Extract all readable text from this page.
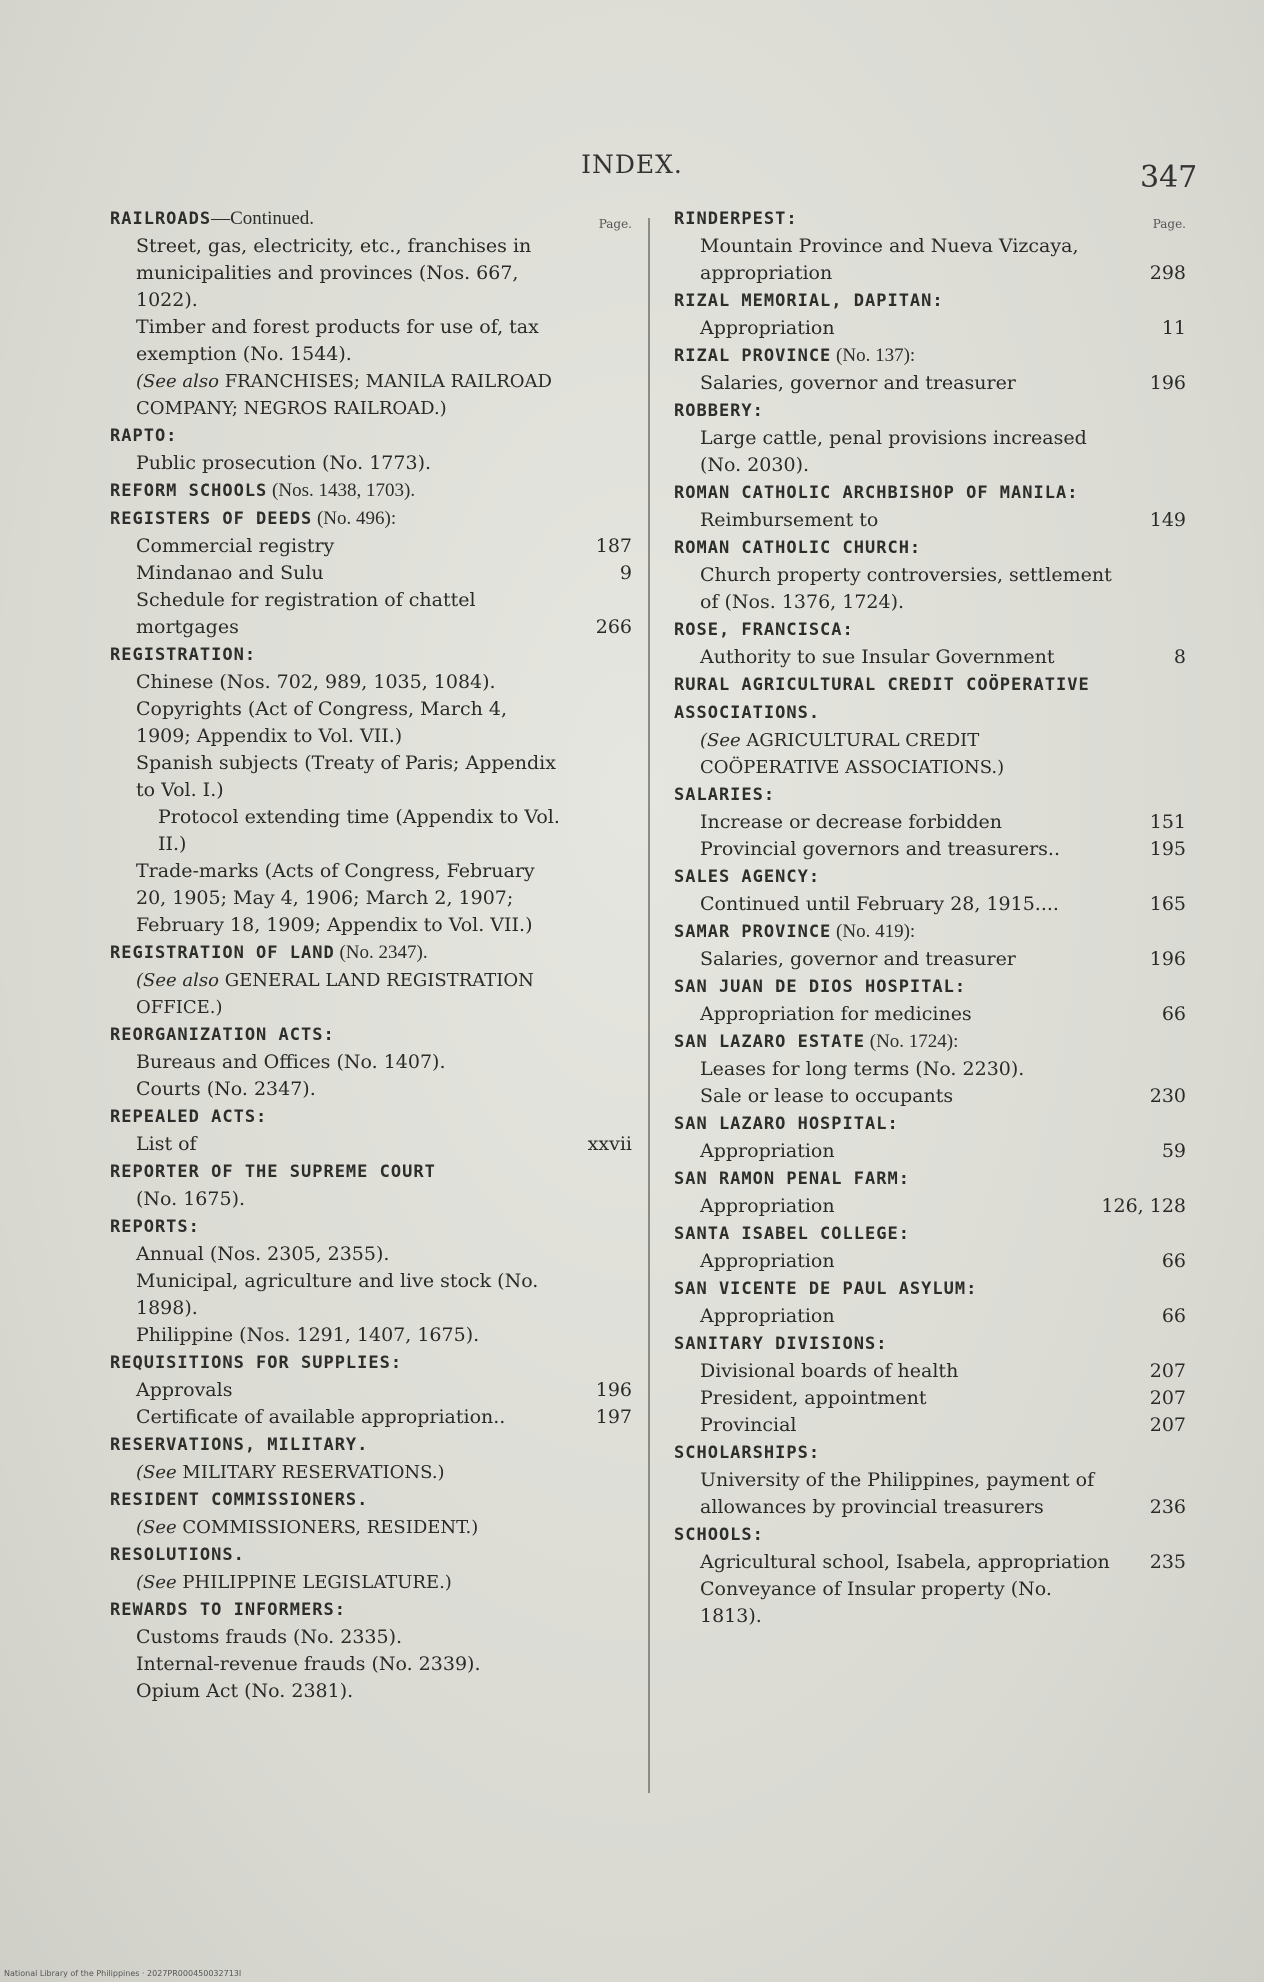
INDEX.	347
Page.
RAILROADS—Continued.
Street, gas, electricity, etc., franchises in municipalities and provinces (Nos. 667, 1022).
Timber and forest products for use of, tax exemption (No. 1544).
(See also FRANCHISES; MANILA RAILROAD COMPANY; NEGROS RAILROAD.)
RAPTO:
Public prosecution (No. 1773).
REFORM SCHOOLS (Nos. 1438, 1703).
REGISTERS OF DEEDS (No. 496):
Commercial registry	187
Mindanao and Sulu	9
Schedule for registration of chattel mortgages	266
REGISTRATION:
Chinese (Nos. 702, 989, 1035, 1084).
Copyrights (Act of Congress, March 4, 1909; Appendix to Vol. VII.)
Spanish subjects (Treaty of Paris; Appendix to Vol. I.)
Protocol extending time (Appendix to Vol. II.)
Trade-marks (Acts of Congress, February 20, 1905; May 4, 1906; March 2, 1907; February 18, 1909; Appendix to Vol. VII.)
REGISTRATION OF LAND (No. 2347).
(See also GENERAL LAND REGISTRATION OFFICE.)
REORGANIZATION ACTS:
Bureaus and Offices (No. 1407).
Courts (No. 2347).
REPEALED ACTS:
List of	xxvii
REPORTER OF THE SUPREME COURT
(No. 1675).
REPORTS:
Annual (Nos. 2305, 2355).
Municipal, agriculture and live stock (No. 1898).
Philippine (Nos. 1291, 1407, 1675).
REQUISITIONS FOR SUPPLIES:
Approvals	196
Certificate of available appropriation..	197
RESERVATIONS, MILITARY.
(See MILITARY RESERVATIONS.)
RESIDENT COMMISSIONERS.
(See COMMISSIONERS, RESIDENT.)
RESOLUTIONS.
(See PHILIPPINE LEGISLATURE.)
REWARDS TO INFORMERS:
Customs frauds (No. 2335).
Internal-revenue frauds (No. 2339).
Opium Act (No. 2381).
Page.
RINDERPEST:
Mountain Province and Nueva Vizcaya, appropriation	298
RIZAL MEMORIAL, DAPITAN:
Appropriation	11
RIZAL PROVINCE (No. 137):
Salaries, governor and treasurer	196
ROBBERY:
Large cattle, penal provisions increased (No. 2030).
ROMAN CATHOLIC ARCHBISHOP OF MANILA:
Reimbursement to	149
ROMAN CATHOLIC CHURCH:
Church property controversies, settlement of (Nos. 1376, 1724).
ROSE, FRANCISCA:
Authority to sue Insular Government	8
RURAL AGRICULTURAL CREDIT COÖPERATIVE ASSOCIATIONS.
(See AGRICULTURAL CREDIT COÖPERATIVE ASSOCIATIONS.)
SALARIES:
Increase or decrease forbidden	151
Provincial governors and treasurers..	195
SALES AGENCY:
Continued until February 28, 1915....	165
SAMAR PROVINCE (No. 419):
Salaries, governor and treasurer	196
SAN JUAN DE DIOS HOSPITAL:
Appropriation for medicines	66
SAN LAZARO ESTATE (No. 1724):
Leases for long terms (No. 2230).
Sale or lease to occupants	230
SAN LAZARO HOSPITAL:
Appropriation	59
SAN RAMON PENAL FARM:
Appropriation	126, 128
SANTA ISABEL COLLEGE:
Appropriation	66
SAN VICENTE DE PAUL ASYLUM:
Appropriation	66
SANITARY DIVISIONS:
Divisional boards of health	207
President, appointment	207
Provincial	207
SCHOLARSHIPS:
University of the Philippines, payment of allowances by provincial treasurers	236
SCHOOLS:
Agricultural school, Isabela, appropriation	235
Conveyance of Insular property (No. 1813).
National Library of the Philippines · 2027PR000450032713I
